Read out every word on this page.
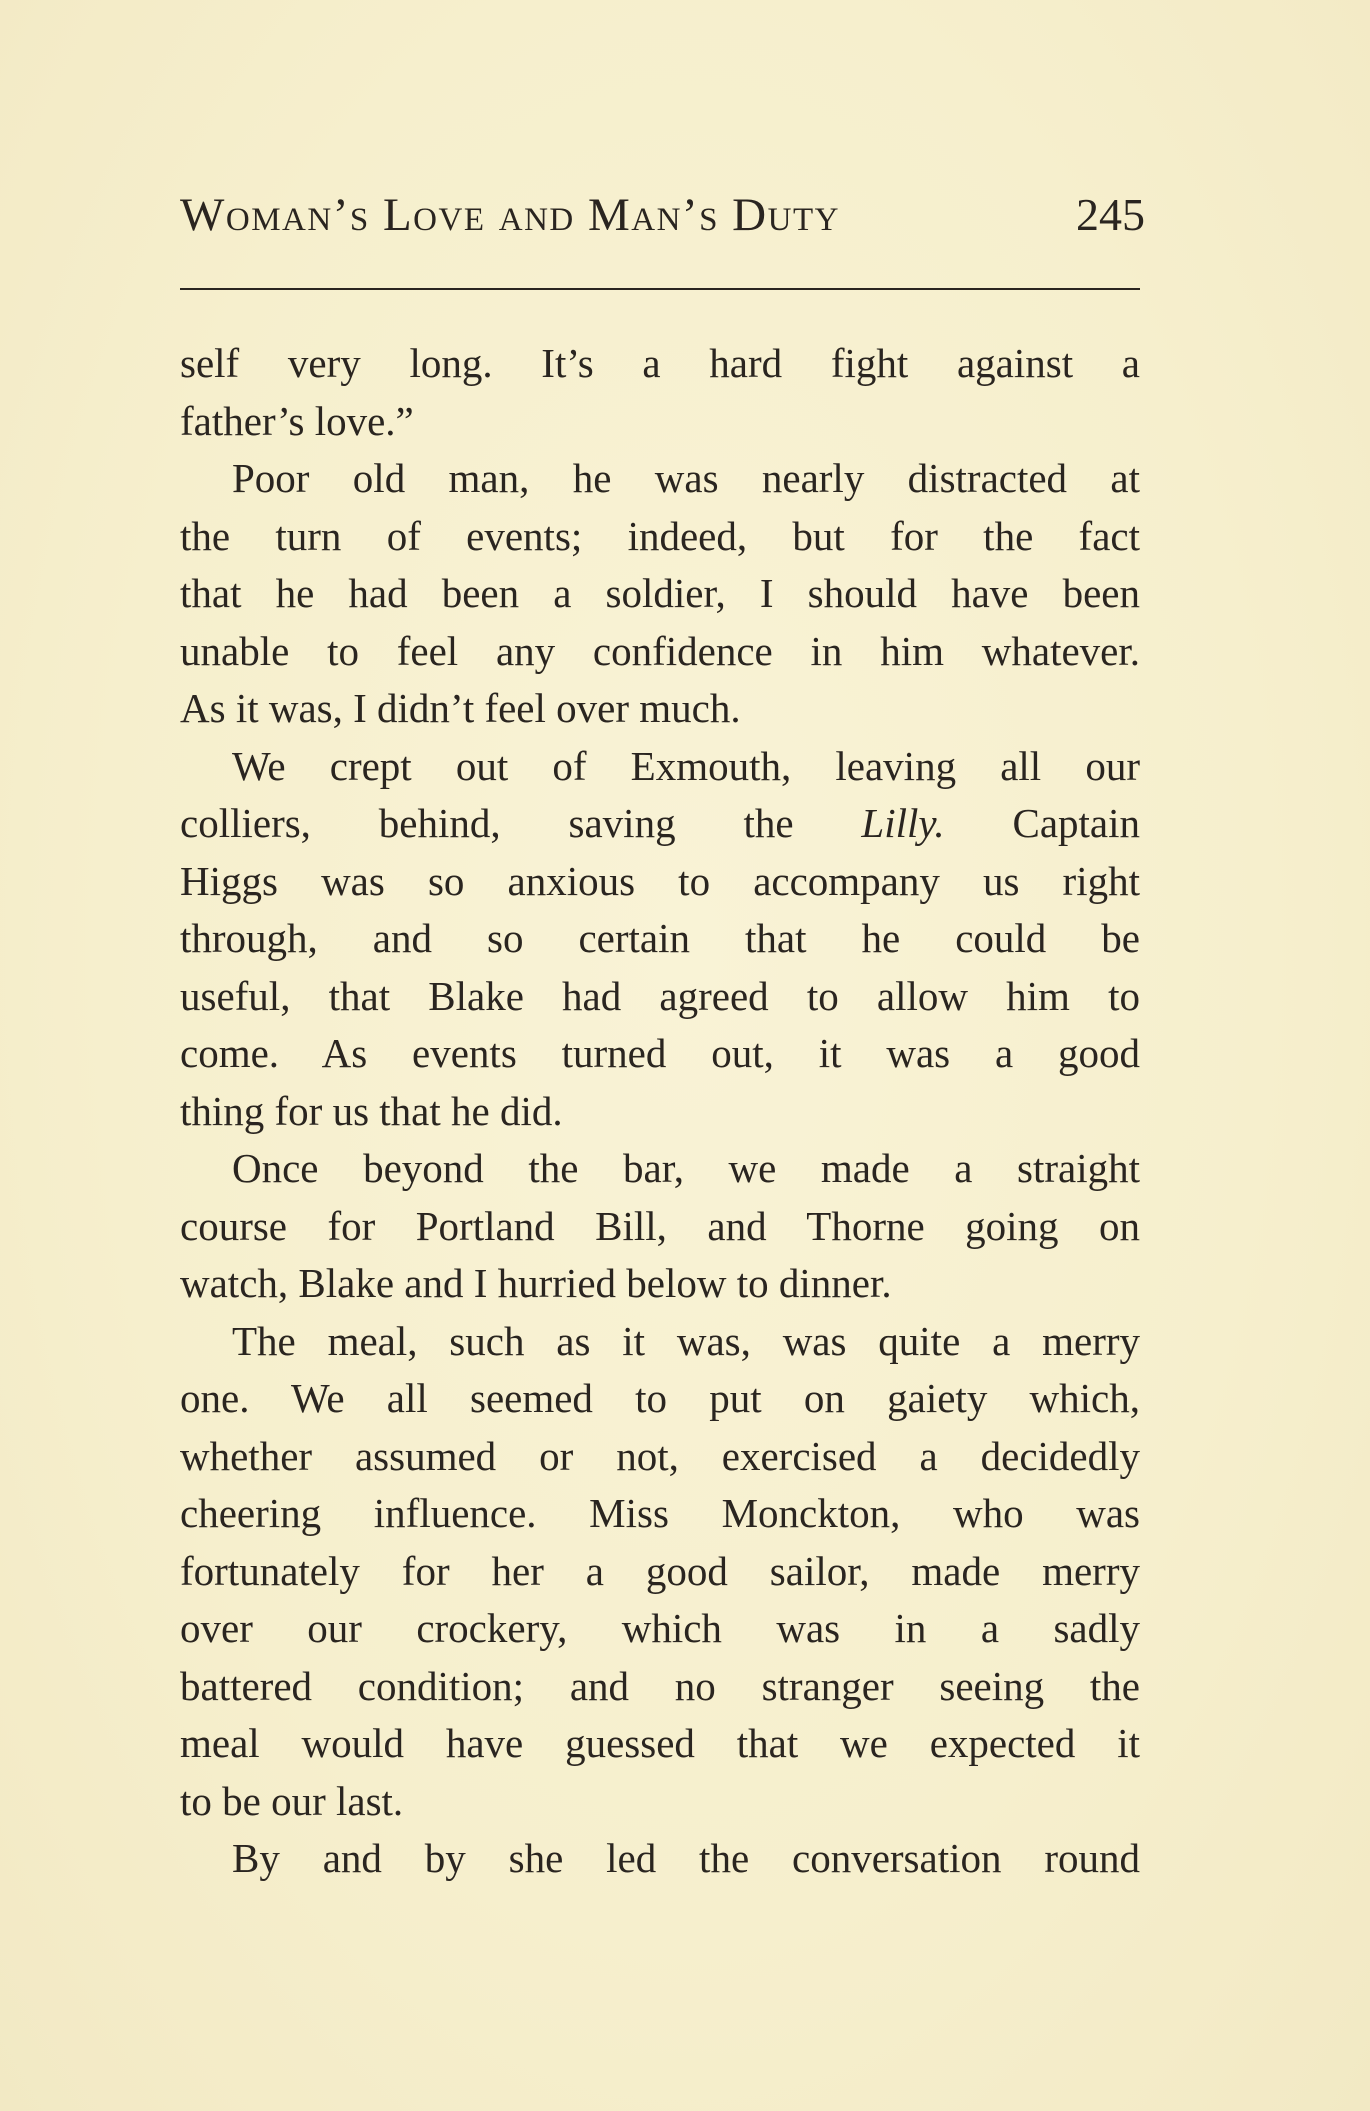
Woman’s Love and Man’s Duty	245
self very long. It’s a hard fight against a
father’s love.”
Poor old man, he was nearly distracted at
the turn of events; indeed, but for the fact
that he had been a soldier, I should have been
unable to feel any confidence in him whatever.
As it was, I didn’t feel over much.
We crept out of Exmouth, leaving all our
colliers, behind, saving the Lilly. Captain
Higgs was so anxious to accompany us right
through, and so certain that he could be
useful, that Blake had agreed to allow him to
come. As events turned out, it was a good
thing for us that he did.
Once beyond the bar, we made a straight
course for Portland Bill, and Thorne going on
watch, Blake and I hurried below to dinner.
The meal, such as it was, was quite a merry
one. We all seemed to put on gaiety which,
whether assumed or not, exercised a decidedly
cheering influence. Miss Monckton, who was
fortunately for her a good sailor, made merry
over our crockery, which was in a sadly
battered condition; and no stranger seeing the
meal would have guessed that we expected it
to be our last.
By and by she led the conversation round
